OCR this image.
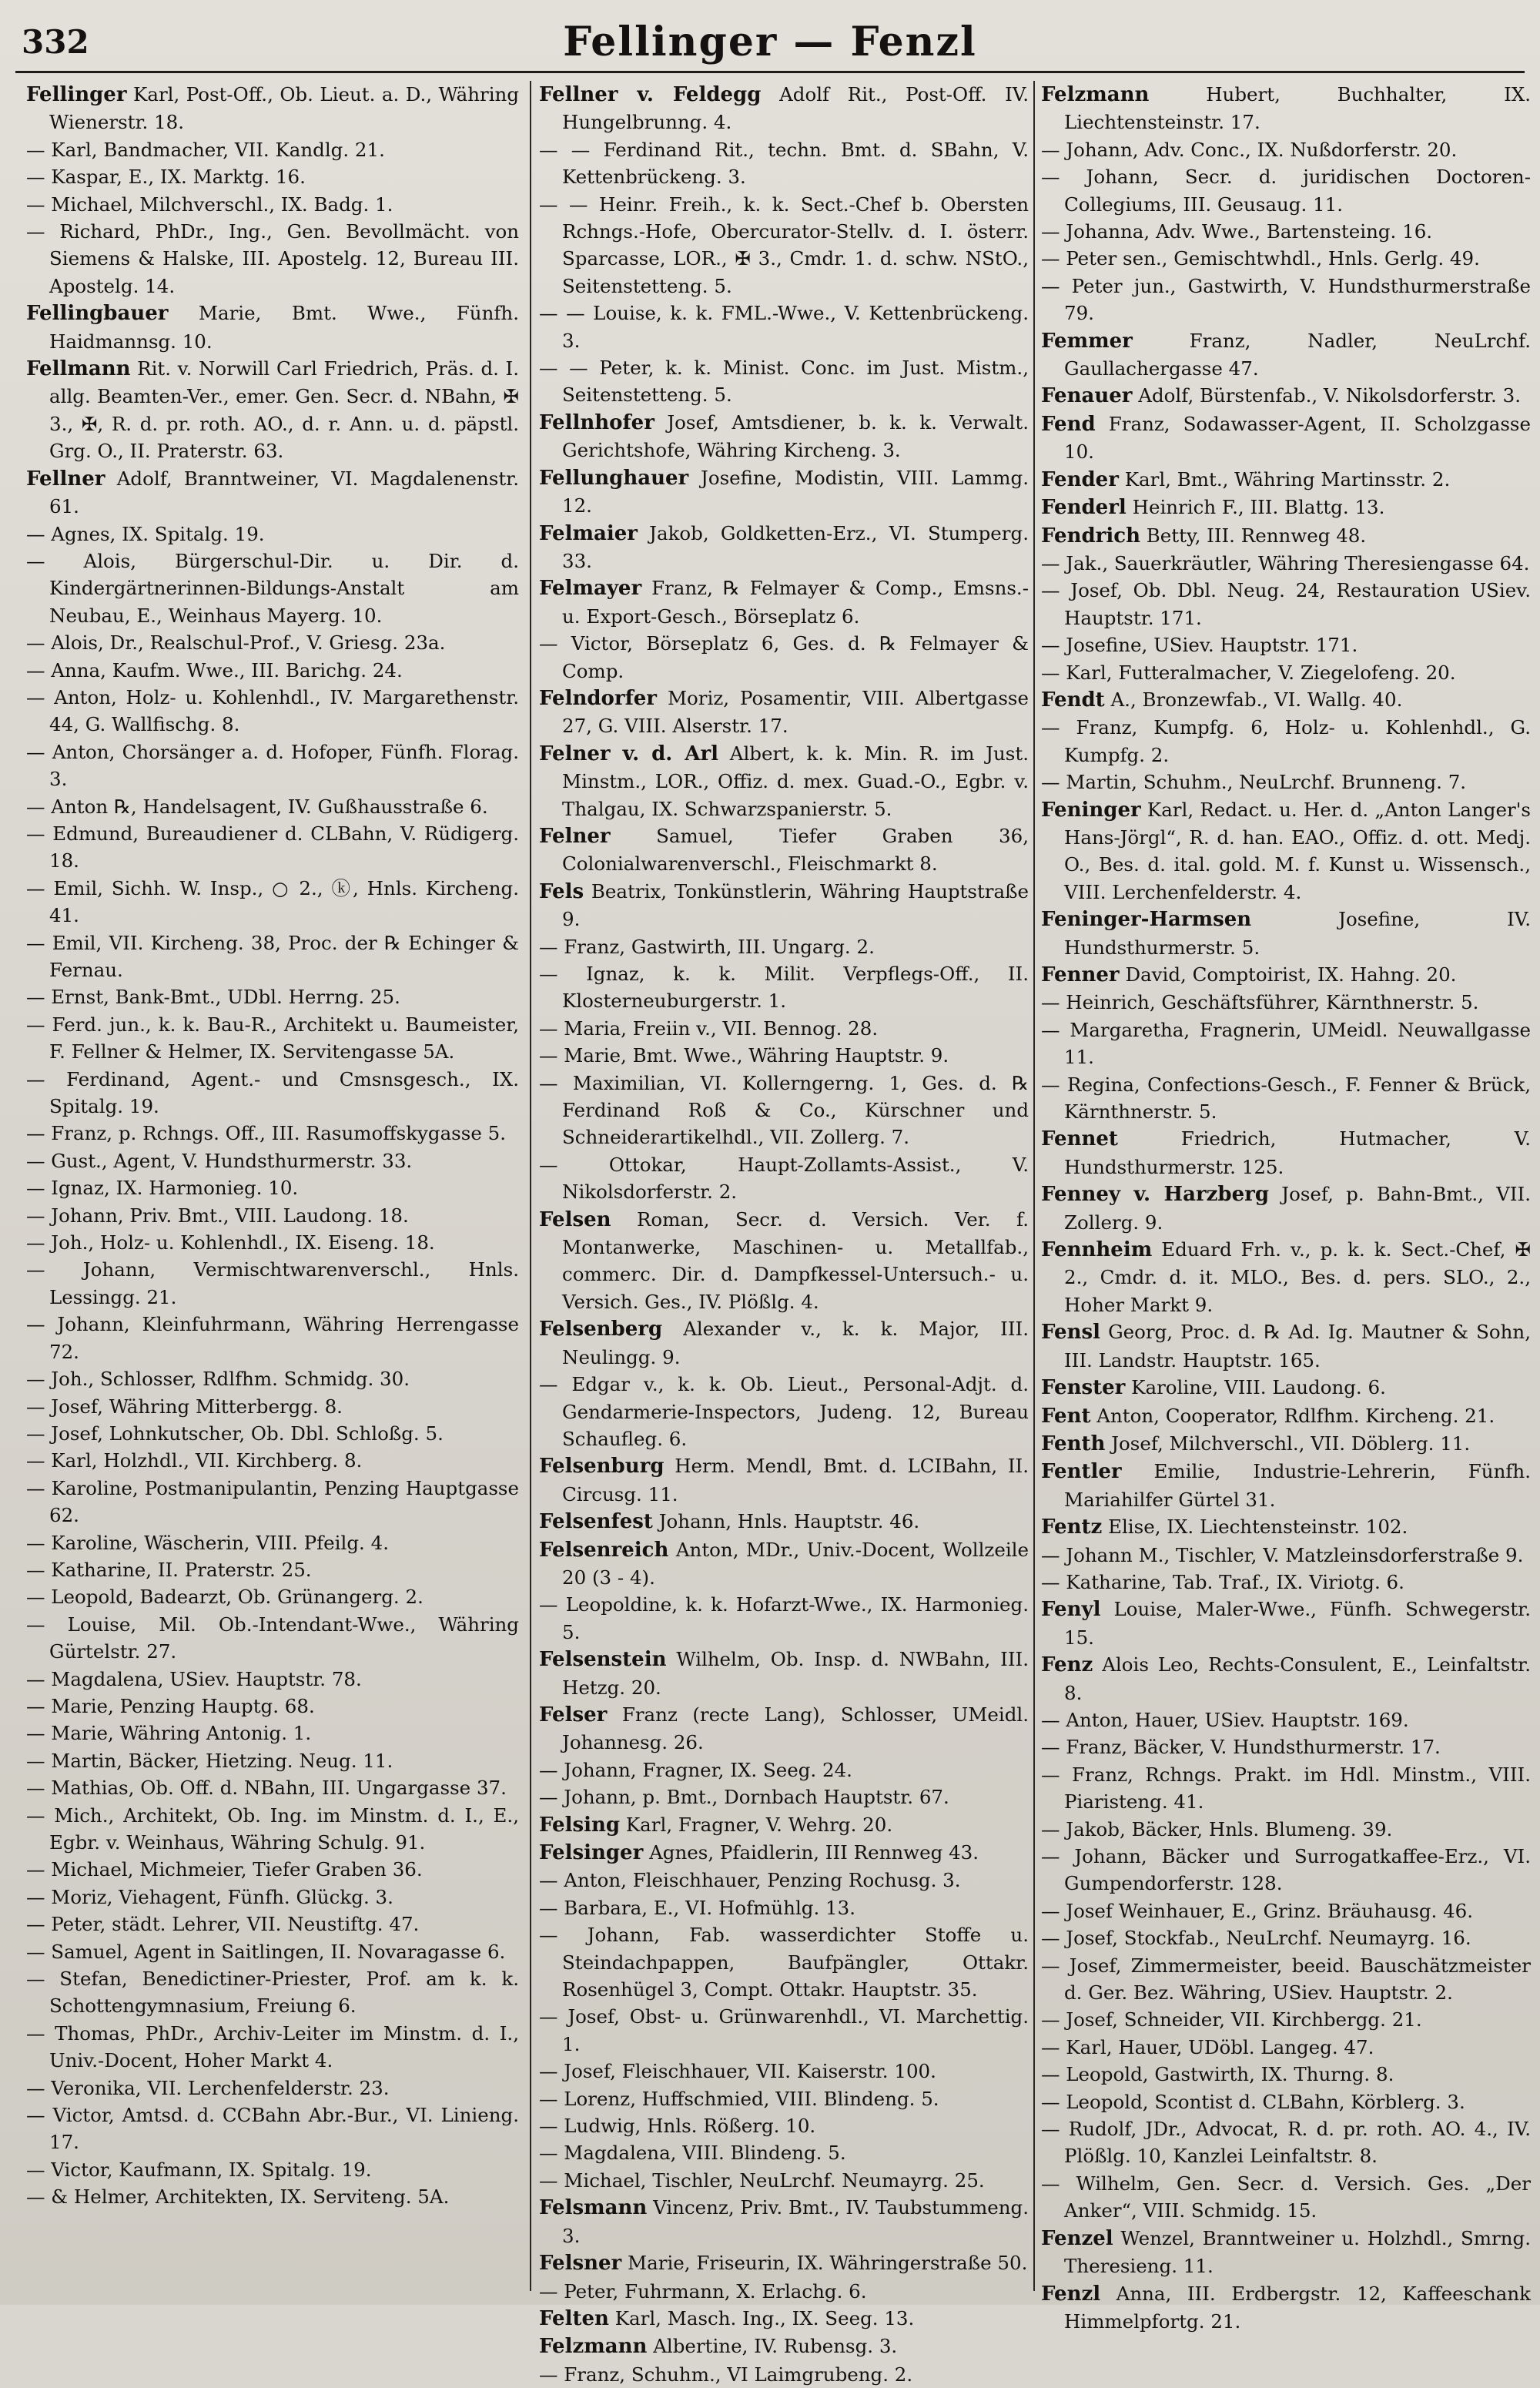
332	Fellinger — Fenzl
Fellinger Karl, Post-Off., Ob. Lieut. a. D., Währing Wienerstr. 18.
— Karl, Bandmacher, VII. Kandlg. 21.
— Kaspar, E., IX. Marktg. 16.
— Michael, Milchverschl., IX. Badg. 1.
— Richard, PhDr., Ing., Gen. Bevollmächt. von Siemens & Halske, III. Apostelg. 12, Bureau III. Apostelg. 14.
Fellingbauer Marie, Bmt. Wwe., Fünfh. Haidmannsg. 10.
Fellmann Rit. v. Norwill Carl Friedrich, Präs. d. I. allg. Beamten-Ver., emer. Gen. Secr. d. NBahn, ✠ 3., ✠, R. d. pr. roth. AO., d. r. Ann. u. d. päpstl. Grg. O., II. Praterstr. 63.
Fellner Adolf, Branntweiner, VI. Magdalenenstr. 61.
— Agnes, IX. Spitalg. 19.
— Alois, Bürgerschul-Dir. u. Dir. d. Kindergärtnerinnen-Bildungs-Anstalt am Neubau, E., Weinhaus Mayerg. 10.
— Alois, Dr., Realschul-Prof., V. Griesg. 23a.
— Anna, Kaufm. Wwe., III. Barichg. 24.
— Anton, Holz- u. Kohlenhdl., IV. Margarethenstr. 44, G. Wallfischg. 8.
— Anton, Chorsänger a. d. Hofoper, Fünfh. Florag. 3.
— Anton ℞, Handelsagent, IV. Gußhausstraße 6.
— Edmund, Bureaudiener d. CLBahn, V. Rüdigerg. 18.
— Emil, Sichh. W. Insp., ○ 2., ⓚ, Hnls. Kircheng. 41.
— Emil, VII. Kircheng. 38, Proc. der ℞ Echinger & Fernau.
— Ernst, Bank-Bmt., UDbl. Herrng. 25.
— Ferd. jun., k. k. Bau-R., Architekt u. Baumeister, F. Fellner & Helmer, IX. Servitengasse 5A.
— Ferdinand, Agent.- und Cmsnsgesch., IX. Spitalg. 19.
— Franz, p. Rchngs. Off., III. Rasumoffskygasse 5.
— Gust., Agent, V. Hundsthurmerstr. 33.
— Ignaz, IX. Harmonieg. 10.
— Johann, Priv. Bmt., VIII. Laudong. 18.
— Joh., Holz- u. Kohlenhdl., IX. Eiseng. 18.
— Johann, Vermischtwarenverschl., Hnls. Lessingg. 21.
— Johann, Kleinfuhrmann, Währing Herrengasse 72.
— Joh., Schlosser, Rdlfhm. Schmidg. 30.
— Josef, Währing Mitterbergg. 8.
— Josef, Lohnkutscher, Ob. Dbl. Schloßg. 5.
— Karl, Holzhdl., VII. Kirchberg. 8.
— Karoline, Postmanipulantin, Penzing Hauptgasse 62.
— Karoline, Wäscherin, VIII. Pfeilg. 4.
— Katharine, II. Praterstr. 25.
— Leopold, Badearzt, Ob. Grünangerg. 2.
— Louise, Mil. Ob.-Intendant-Wwe., Währing Gürtelstr. 27.
— Magdalena, USiev. Hauptstr. 78.
— Marie, Penzing Hauptg. 68.
— Marie, Währing Antonig. 1.
— Martin, Bäcker, Hietzing. Neug. 11.
— Mathias, Ob. Off. d. NBahn, III. Ungargasse 37.
— Mich., Architekt, Ob. Ing. im Minstm. d. I., E., Egbr. v. Weinhaus, Währing Schulg. 91.
— Michael, Michmeier, Tiefer Graben 36.
— Moriz, Viehagent, Fünfh. Glückg. 3.
— Peter, städt. Lehrer, VII. Neustiftg. 47.
— Samuel, Agent in Saitlingen, II. Novaragasse 6.
— Stefan, Benedictiner-Priester, Prof. am k. k. Schottengymnasium, Freiung 6.
— Thomas, PhDr., Archiv-Leiter im Minstm. d. I., Univ.-Docent, Hoher Markt 4.
— Veronika, VII. Lerchenfelderstr. 23.
— Victor, Amtsd. d. CCBahn Abr.-Bur., VI. Linieng. 17.
— Victor, Kaufmann, IX. Spitalg. 19.
— & Helmer, Architekten, IX. Serviteng. 5A.
Fellner v. Feldegg Adolf Rit., Post-Off. IV. Hungelbrunng. 4.
— — Ferdinand Rit., techn. Bmt. d. SBahn, V. Kettenbrückeng. 3.
— — Heinr. Freih., k. k. Sect.-Chef b. Obersten Rchngs.-Hofe, Obercurator-Stellv. d. I. österr. Sparcasse, LOR., ✠ 3., Cmdr. 1. d. schw. NStO., Seitenstetteng. 5.
— — Louise, k. k. FML.-Wwe., V. Kettenbrückeng. 3.
— — Peter, k. k. Minist. Conc. im Just. Mistm., Seitenstetteng. 5.
Fellnhofer Josef, Amtsdiener, b. k. k. Verwalt. Gerichtshofe, Währing Kircheng. 3.
Fellunghauer Josefine, Modistin, VIII. Lammg. 12.
Felmaier Jakob, Goldketten-Erz., VI. Stumperg. 33.
Felmayer Franz, ℞ Felmayer & Comp., Emsns.- u. Export-Gesch., Börseplatz 6.
— Victor, Börseplatz 6, Ges. d. ℞ Felmayer & Comp.
Felndorfer Moriz, Posamentir, VIII. Albertgasse 27, G. VIII. Alserstr. 17.
Felner v. d. Arl Albert, k. k. Min. R. im Just. Minstm., LOR., Offiz. d. mex. Guad.-O., Egbr. v. Thalgau, IX. Schwarzspanierstr. 5.
Felner Samuel, Tiefer Graben 36, Colonialwarenverschl., Fleischmarkt 8.
Fels Beatrix, Tonkünstlerin, Währing Hauptstraße 9.
— Franz, Gastwirth, III. Ungarg. 2.
— Ignaz, k. k. Milit. Verpflegs-Off., II. Klosterneuburgerstr. 1.
— Maria, Freiin v., VII. Bennog. 28.
— Marie, Bmt. Wwe., Währing Hauptstr. 9.
— Maximilian, VI. Kollerngerng. 1, Ges. d. ℞ Ferdinand Roß & Co., Kürschner und Schneiderartikelhdl., VII. Zollerg. 7.
— Ottokar, Haupt-Zollamts-Assist., V. Nikolsdorferstr. 2.
Felsen Roman, Secr. d. Versich. Ver. f. Montanwerke, Maschinen- u. Metallfab., commerc. Dir. d. Dampfkessel-Untersuch.- u. Versich. Ges., IV. Plößlg. 4.
Felsenberg Alexander v., k. k. Major, III. Neulingg. 9.
— Edgar v., k. k. Ob. Lieut., Personal-Adjt. d. Gendarmerie-Inspectors, Judeng. 12, Bureau Schaufleg. 6.
Felsenburg Herm. Mendl, Bmt. d. LCIBahn, II. Circusg. 11.
Felsenfest Johann, Hnls. Hauptstr. 46.
Felsenreich Anton, MDr., Univ.-Docent, Wollzeile 20 (3 - 4).
— Leopoldine, k. k. Hofarzt-Wwe., IX. Harmonieg. 5.
Felsenstein Wilhelm, Ob. Insp. d. NWBahn, III. Hetzg. 20.
Felser Franz (recte Lang), Schlosser, UMeidl. Johannesg. 26.
— Johann, Fragner, IX. Seeg. 24.
— Johann, p. Bmt., Dornbach Hauptstr. 67.
Felsing Karl, Fragner, V. Wehrg. 20.
Felsinger Agnes, Pfaidlerin, III Rennweg 43.
— Anton, Fleischhauer, Penzing Rochusg. 3.
— Barbara, E., VI. Hofmühlg. 13.
— Johann, Fab. wasserdichter Stoffe u. Steindachpappen, Baufpängler, Ottakr. Rosenhügel 3, Compt. Ottakr. Hauptstr. 35.
— Josef, Obst- u. Grünwarenhdl., VI. Marchettig. 1.
— Josef, Fleischhauer, VII. Kaiserstr. 100.
— Lorenz, Huffschmied, VIII. Blindeng. 5.
— Ludwig, Hnls. Rößerg. 10.
— Magdalena, VIII. Blindeng. 5.
— Michael, Tischler, NeuLrchf. Neumayrg. 25.
Felsmann Vincenz, Priv. Bmt., IV. Taubstummeng. 3.
Felsner Marie, Friseurin, IX. Währingerstraße 50.
— Peter, Fuhrmann, X. Erlachg. 6.
Felten Karl, Masch. Ing., IX. Seeg. 13.
Felzmann Albertine, IV. Rubensg. 3.
— Franz, Schuhm., VI Laimgrubeng. 2.
Felzmann	Hubert, Buchhalter, IX. Liechtensteinstr. 17.
— Johann, Adv. Conc., IX. Nußdorferstr. 20.
— Johann, Secr. d. juridischen Doctoren-Collegiums, III. Geusaug. 11.
— Johanna, Adv. Wwe., Bartensteing. 16.
— Peter sen., Gemischtwhdl., Hnls. Gerlg. 49.
— Peter jun., Gastwirth, V. Hundsthurmerstraße 79.
Femmer	Franz, Nadler, NeuLrchf. Gaullachergasse 47.
Fenauer Adolf, Bürstenfab., V. Nikolsdorferstr. 3.
Fend Franz, Sodawasser-Agent, II. Scholzgasse 10.
Fender Karl, Bmt., Währing Martinsstr. 2.
Fenderl Heinrich F., III. Blattg. 13.
Fendrich Betty, III. Rennweg 48.
— Jak., Sauerkräutler, Währing Theresiengasse 64.
— Josef, Ob. Dbl. Neug. 24, Restauration USiev. Hauptstr. 171.
— Josefine, USiev. Hauptstr. 171.
— Karl, Futteralmacher, V. Ziegelofeng. 20.
Fendt A., Bronzewfab., VI. Wallg. 40.
— Franz, Kumpfg. 6, Holz- u. Kohlenhdl., G. Kumpfg. 2.
— Martin, Schuhm., NeuLrchf. Brunneng. 7.
Feninger Karl, Redact. u. Her. d. „Anton Langer's Hans-Jörgl“, R. d. han. EAO., Offiz. d. ott. Medj. O., Bes. d. ital. gold. M. f. Kunst u. Wissensch., VIII. Lerchenfelderstr. 4.
Feninger-Harmsen	Josefine, IV. Hundsthurmerstr. 5.
Fenner David, Comptoirist, IX. Hahng. 20.
— Heinrich, Geschäftsführer, Kärnthnerstr. 5.
— Margaretha, Fragnerin, UMeidl. Neuwallgasse 11.
— Regina, Confections-Gesch., F. Fenner & Brück, Kärnthnerstr. 5.
Fennet	Friedrich, Hutmacher, V. Hundsthurmerstr. 125.
Fenney v. Harzberg Josef, p. Bahn-Bmt., VII. Zollerg. 9.
Fennheim Eduard Frh. v., p. k. k. Sect.-Chef, ✠ 2., Cmdr. d. it. MLO., Bes. d. pers. SLO., 2., Hoher Markt 9.
Fensl Georg, Proc. d. ℞ Ad. Ig. Mautner & Sohn, III. Landstr. Hauptstr. 165.
Fenster Karoline, VIII. Laudong. 6.
Fent Anton, Cooperator, Rdlfhm. Kircheng. 21.
Fenth Josef, Milchverschl., VII. Döblerg. 11.
Fentler Emilie, Industrie-Lehrerin, Fünfh. Mariahilfer Gürtel 31.
Fentz Elise, IX. Liechtensteinstr. 102.
— Johann M., Tischler, V. Matzleinsdorferstraße 9.
— Katharine, Tab. Traf., IX. Viriotg. 6.
Fenyl Louise, Maler-Wwe., Fünfh. Schwegerstr. 15.
Fenz Alois Leo, Rechts-Consulent, E., Leinfaltstr. 8.
— Anton, Hauer, USiev. Hauptstr. 169.
— Franz, Bäcker, V. Hundsthurmerstr. 17.
— Franz, Rchngs. Prakt. im Hdl. Minstm., VIII. Piaristeng. 41.
— Jakob, Bäcker, Hnls. Blumeng. 39.
— Johann, Bäcker und Surrogatkaffee-Erz., VI. Gumpendorferstr. 128.
— Josef Weinhauer, E., Grinz. Bräuhausg. 46.
— Josef, Stockfab., NeuLrchf. Neumayrg. 16.
— Josef, Zimmermeister, beeid. Bauschätzmeister d. Ger. Bez. Währing, USiev. Hauptstr. 2.
— Josef, Schneider, VII. Kirchbergg. 21.
— Karl, Hauer, UDöbl. Langeg. 47.
— Leopold, Gastwirth, IX. Thurng. 8.
— Leopold, Scontist d. CLBahn, Körblerg. 3.
— Rudolf, JDr., Advocat, R. d. pr. roth. AO. 4., IV. Plößlg. 10, Kanzlei Leinfaltstr. 8.
— Wilhelm, Gen. Secr. d. Versich. Ges. „Der Anker“, VIII. Schmidg. 15.
Fenzel Wenzel, Branntweiner u. Holzhdl., Smrng. Theresieng. 11.
Fenzl Anna, III. Erdbergstr. 12, Kaffeeschank Himmelpfortg. 21.
